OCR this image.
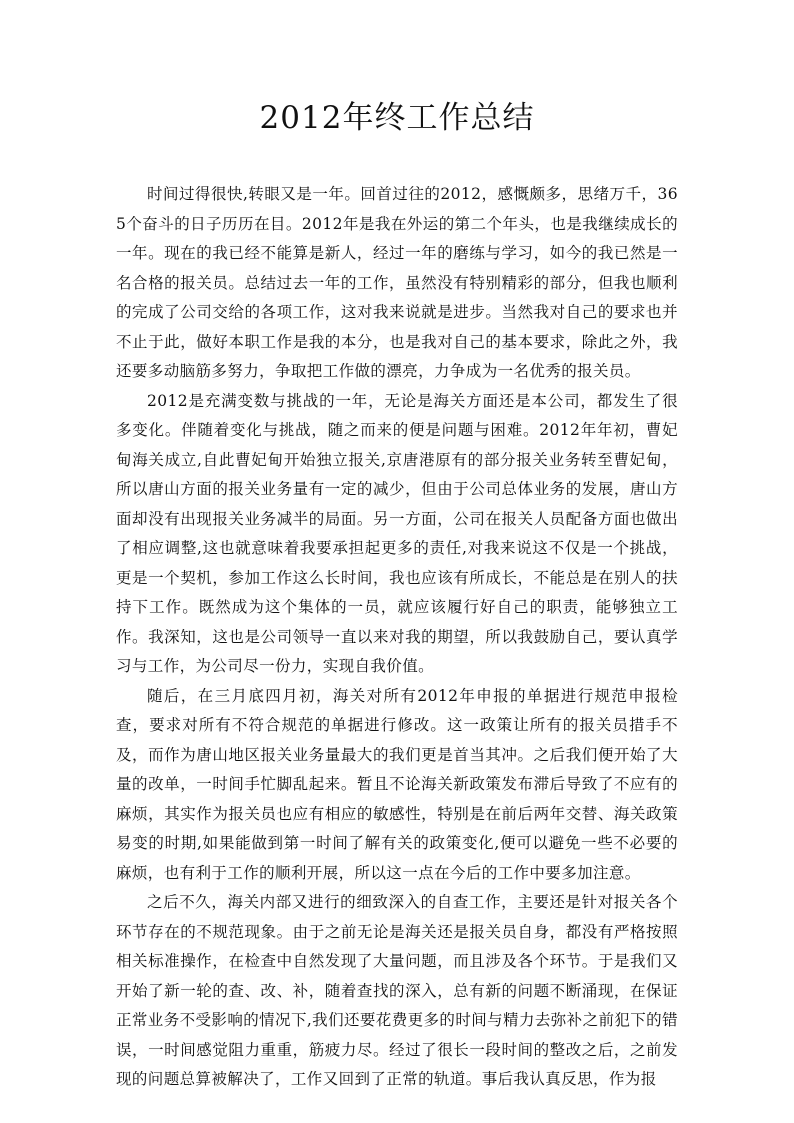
2012年终工作总结

时间过得很快,转眼又是一年。回首过往的2012，感慨颇多，思绪万千，365个奋斗的日子历历在目。2012年是我在外运的第二个年头，也是我继续成长的一年。现在的我已经不能算是新人，经过一年的磨练与学习，如今的我已然是一名合格的报关员。总结过去一年的工作，虽然没有特别精彩的部分，但我也顺利的完成了公司交给的各项工作，这对我来说就是进步。当然我对自己的要求也并不止于此，做好本职工作是我的本分，也是我对自己的基本要求，除此之外，我还要多动脑筋多努力，争取把工作做的漂亮，力争成为一名优秀的报关员。

2012是充满变数与挑战的一年，无论是海关方面还是本公司，都发生了很多变化。伴随着变化与挑战，随之而来的便是问题与困难。2012年年初，曹妃甸海关成立,自此曹妃甸开始独立报关,京唐港原有的部分报关业务转至曹妃甸，所以唐山方面的报关业务量有一定的减少，但由于公司总体业务的发展，唐山方面却没有出现报关业务减半的局面。另一方面，公司在报关人员配备方面也做出了相应调整,这也就意味着我要承担起更多的责任,对我来说这不仅是一个挑战，更是一个契机，参加工作这么长时间，我也应该有所成长，不能总是在别人的扶持下工作。既然成为这个集体的一员，就应该履行好自己的职责，能够独立工作。我深知，这也是公司领导一直以来对我的期望，所以我鼓励自己，要认真学习与工作，为公司尽一份力，实现自我价值。

随后，在三月底四月初，海关对所有2012年申报的单据进行规范申报检查，要求对所有不符合规范的单据进行修改。这一政策让所有的报关员措手不及，而作为唐山地区报关业务量最大的我们更是首当其冲。之后我们便开始了大量的改单，一时间手忙脚乱起来。暂且不论海关新政策发布滞后导致了不应有的麻烦，其实作为报关员也应有相应的敏感性，特别是在前后两年交替、海关政策易变的时期,如果能做到第一时间了解有关的政策变化,便可以避免一些不必要的麻烦，也有利于工作的顺利开展，所以这一点在今后的工作中要多加注意。

之后不久，海关内部又进行的细致深入的自查工作，主要还是针对报关各个环节存在的不规范现象。由于之前无论是海关还是报关员自身，都没有严格按照相关标准操作，在检查中自然发现了大量问题，而且涉及各个环节。于是我们又开始了新一轮的查、改、补，随着查找的深入，总有新的问题不断涌现，在保证正常业务不受影响的情况下,我们还要花费更多的时间与精力去弥补之前犯下的错误，一时间感觉阻力重重，筋疲力尽。经过了很长一段时间的整改之后，之前发现的问题总算被解决了，工作又回到了正常的轨道。事后我认真反思，作为报
